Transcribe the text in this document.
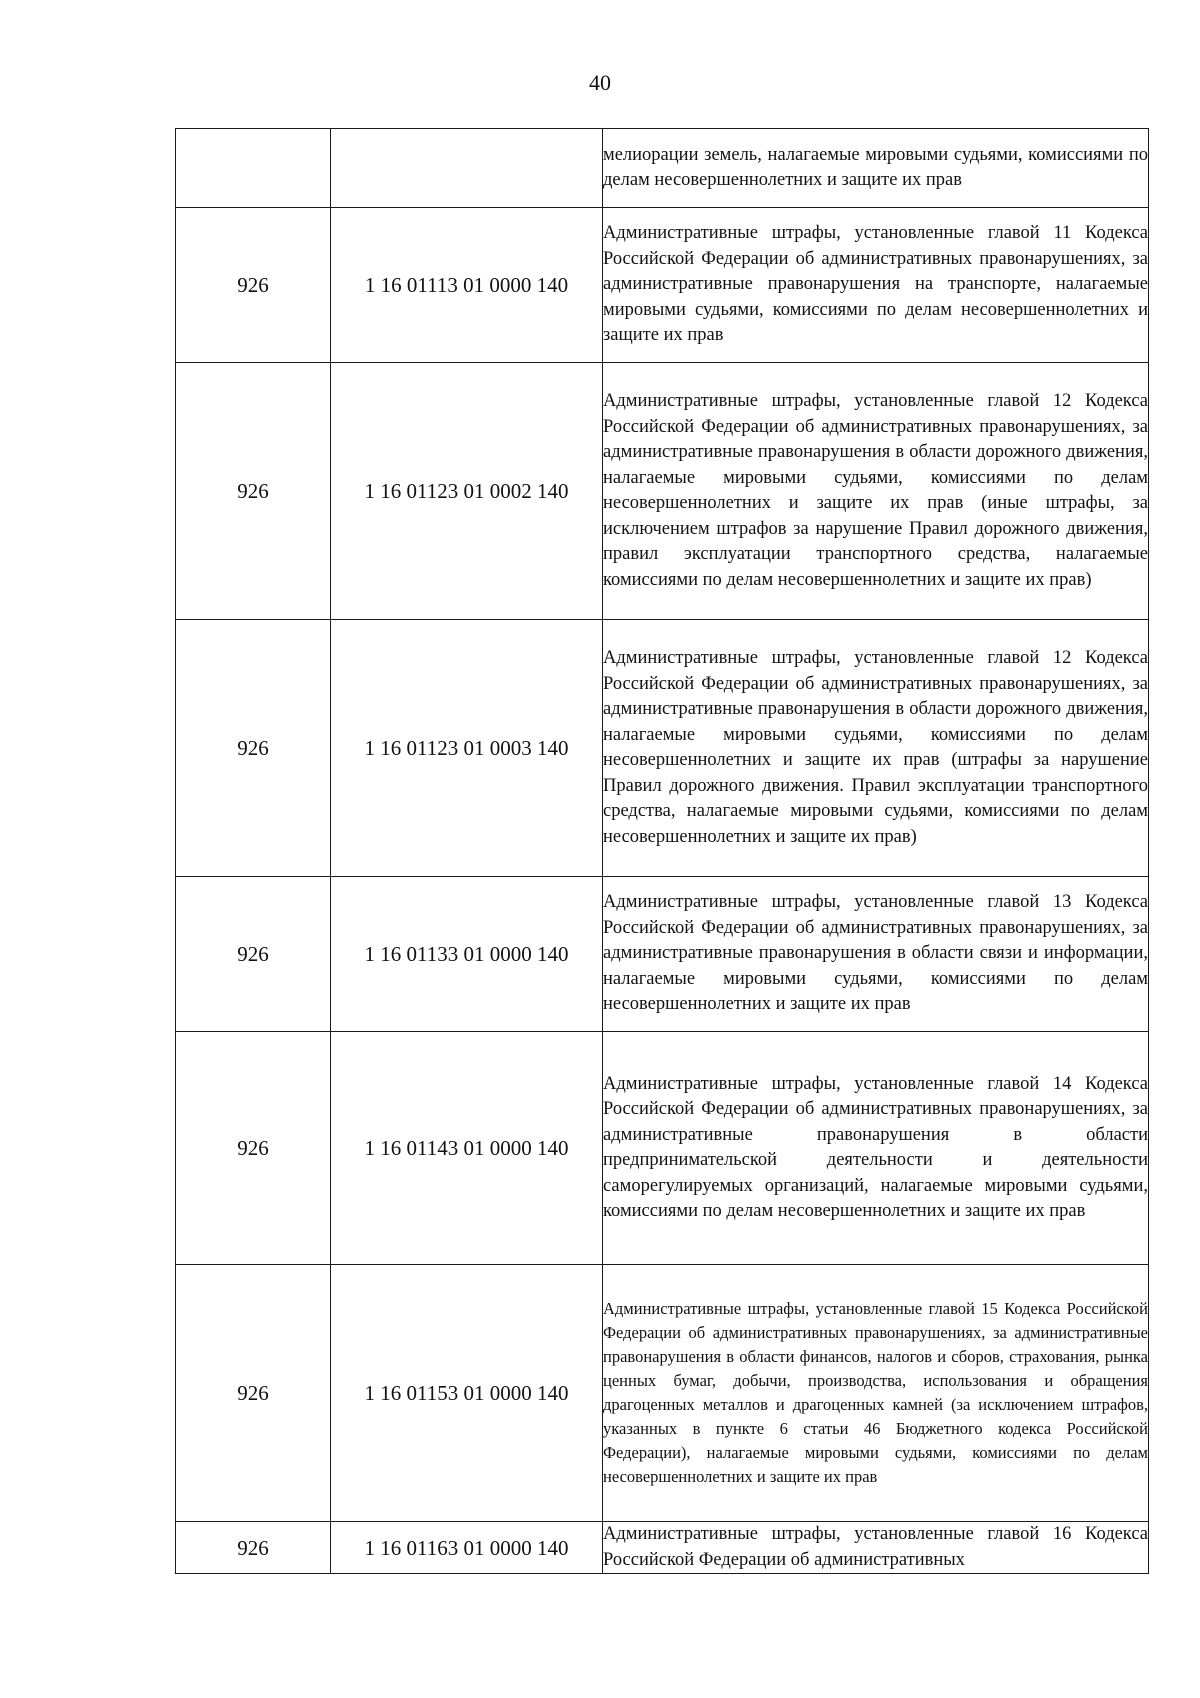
40

		мелиорации земель, налагаемые мировыми судьями, комиссиями по делам несовершеннолетних и защите их прав

926	1 16 01113 01 0000 140	Административные штрафы, установленные главой 11 Кодекса Российской Федерации об административных правонарушениях, за административные правонарушения на транспорте, налагаемые мировыми судьями, комиссиями по делам несовершеннолетних и защите их прав

926	1 16 01123 01 0002 140	Административные штрафы, установленные главой 12 Кодекса Российской Федерации об административных правонарушениях, за административные правонарушения в области дорожного движения, налагаемые мировыми судьями, комиссиями по делам несовершеннолетних и защите их прав (иные штрафы, за исключением штрафов за нарушение Правил дорожного движения, правил эксплуатации транспортного средства, налагаемые комиссиями по делам несовершеннолетних и защите их прав)

926	1 16 01123 01 0003 140	Административные штрафы, установленные главой 12 Кодекса Российской Федерации об административных правонарушениях, за административные правонарушения в области дорожного движения, налагаемые мировыми судьями, комиссиями по делам несовершеннолетних и защите их прав (штрафы за нарушение Правил дорожного движения. Правил эксплуатации транспортного средства, налагаемые мировыми судьями, комиссиями по делам несовершеннолетних и защите их прав)

926	1 16 01133 01 0000 140	Административные штрафы, установленные главой 13 Кодекса Российской Федерации об административных правонарушениях, за административные правонарушения в области связи и информации, налагаемые мировыми судьями, комиссиями по делам несовершеннолетних и защите их прав

926	1 16 01143 01 0000 140	Административные штрафы, установленные главой 14 Кодекса Российской Федерации об административных правонарушениях, за административные правонарушения в области предпринимательской деятельности и деятельности саморегулируемых организаций, налагаемые мировыми судьями, комиссиями по делам несовершеннолетних и защите их прав

926	1 16 01153 01 0000 140	Административные штрафы, установленные главой 15 Кодекса Российской Федерации об административных правонарушениях, за административные правонарушения в области финансов, налогов и сборов, страхования, рынка ценных бумаг, добычи, производства, использования и обращения драгоценных металлов и драгоценных камней (за исключением штрафов, указанных в пункте 6 статьи 46 Бюджетного кодекса Российской Федерации), налагаемые мировыми судьями, комиссиями по делам несовершеннолетних и защите их прав

926	1 16 01163 01 0000 140	Административные штрафы, установленные главой 16 Кодекса Российской Федерации об административных
